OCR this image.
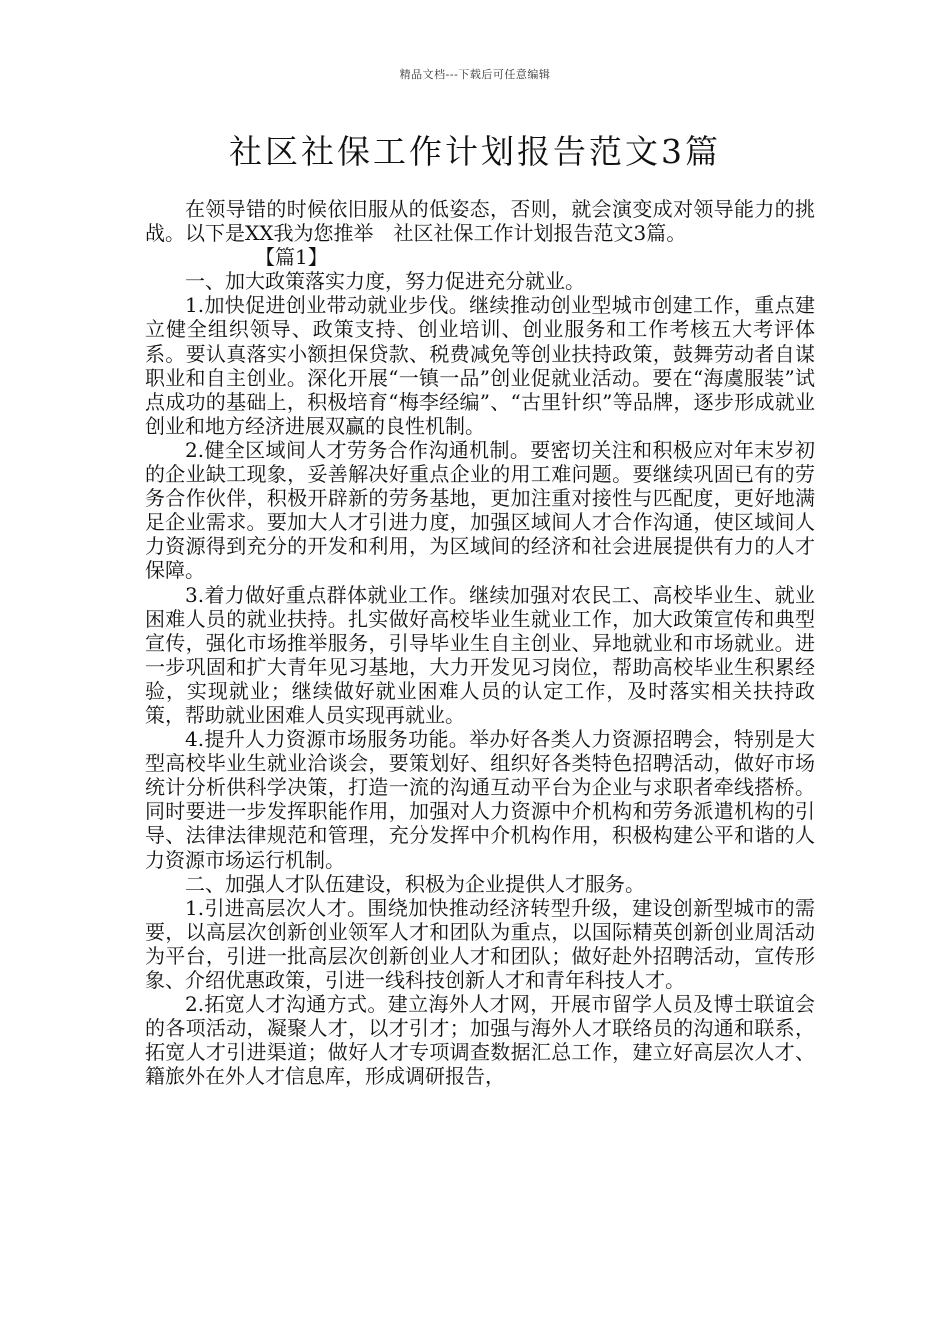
精品文档---下载后可任意编辑
社区社保工作计划报告范文3篇

在领导错的时候依旧服从的低姿态，否则，就会演变成对领导能力的挑战。以下是XX我为您推举　社区社保工作计划报告范文3篇。

【篇1】

一、加大政策落实力度，努力促进充分就业。

1.加快促进创业带动就业步伐。继续推动创业型城市创建工作，重点建立健全组织领导、政策支持、创业培训、创业服务和工作考核五大考评体系。要认真落实小额担保贷款、税费减免等创业扶持政策，鼓舞劳动者自谋职业和自主创业。深化开展“一镇一品”创业促就业活动。要在“海虞服装”试点成功的基础上，积极培育“梅李经编”、“古里针织”等品牌，逐步形成就业创业和地方经济进展双赢的良性机制。

2.健全区域间人才劳务合作沟通机制。要密切关注和积极应对年末岁初的企业缺工现象，妥善解决好重点企业的用工难问题。要继续巩固已有的劳务合作伙伴，积极开辟新的劳务基地，更加注重对接性与匹配度，更好地满足企业需求。要加大人才引进力度，加强区域间人才合作沟通，使区域间人力资源得到充分的开发和利用，为区域间的经济和社会进展提供有力的人才保障。

3.着力做好重点群体就业工作。继续加强对农民工、高校毕业生、就业困难人员的就业扶持。扎实做好高校毕业生就业工作，加大政策宣传和典型宣传，强化市场推举服务，引导毕业生自主创业、异地就业和市场就业。进一步巩固和扩大青年见习基地，大力开发见习岗位，帮助高校毕业生积累经验，实现就业；继续做好就业困难人员的认定工作，及时落实相关扶持政策，帮助就业困难人员实现再就业。

4.提升人力资源市场服务功能。举办好各类人力资源招聘会，特别是大型高校毕业生就业洽谈会，要策划好、组织好各类特色招聘活动，做好市场统计分析供科学决策，打造一流的沟通互动平台为企业与求职者牵线搭桥。同时要进一步发挥职能作用，加强对人力资源中介机构和劳务派遣机构的引导、法律法律规范和管理，充分发挥中介机构作用，积极构建公平和谐的人力资源市场运行机制。

二、加强人才队伍建设，积极为企业提供人才服务。

1.引进高层次人才。围绕加快推动经济转型升级，建设创新型城市的需要，以高层次创新创业领军人才和团队为重点，以国际精英创新创业周活动为平台，引进一批高层次创新创业人才和团队；做好赴外招聘活动，宣传形象、介绍优惠政策，引进一线科技创新人才和青年科技人才。

2.拓宽人才沟通方式。建立海外人才网，开展市留学人员及博士联谊会的各项活动，凝聚人才，以才引才；加强与海外人才联络员的沟通和联系，拓宽人才引进渠道；做好人才专项调查数据汇总工作，建立好高层次人才、籍旅外在外人才信息库，形成调研报告，
